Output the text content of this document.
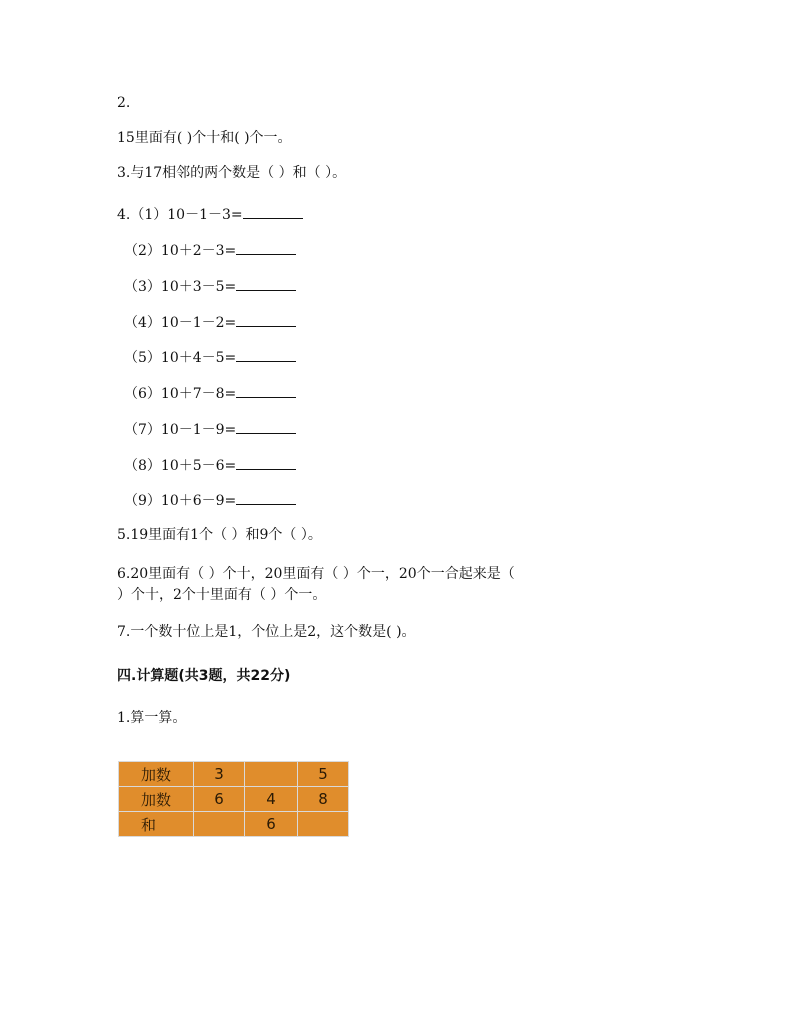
2.
15里面有( )个十和( )个一。
3.与17相邻的两个数是（ ）和（ ）。
4.（1）10－1－3=
（2）10＋2－3=
（3）10＋3－5=
（4）10－1－2=
（5）10＋4－5=
（6）10＋7－8=
（7）10－1－9=
（8）10＋5－6=
（9）10＋6－9=
5.19里面有1个（ ）和9个（ ）。
6.20里面有（ ）个十，20里面有（ ）个一，20个一合起来是（
）个十，2个十里面有（ ）个一。
7.一个数十位上是1，个位上是2，这个数是( )。
四.计算题(共3题，共22分)
1.算一算。
加数	3		5
加数	6	4	8
和		6	
